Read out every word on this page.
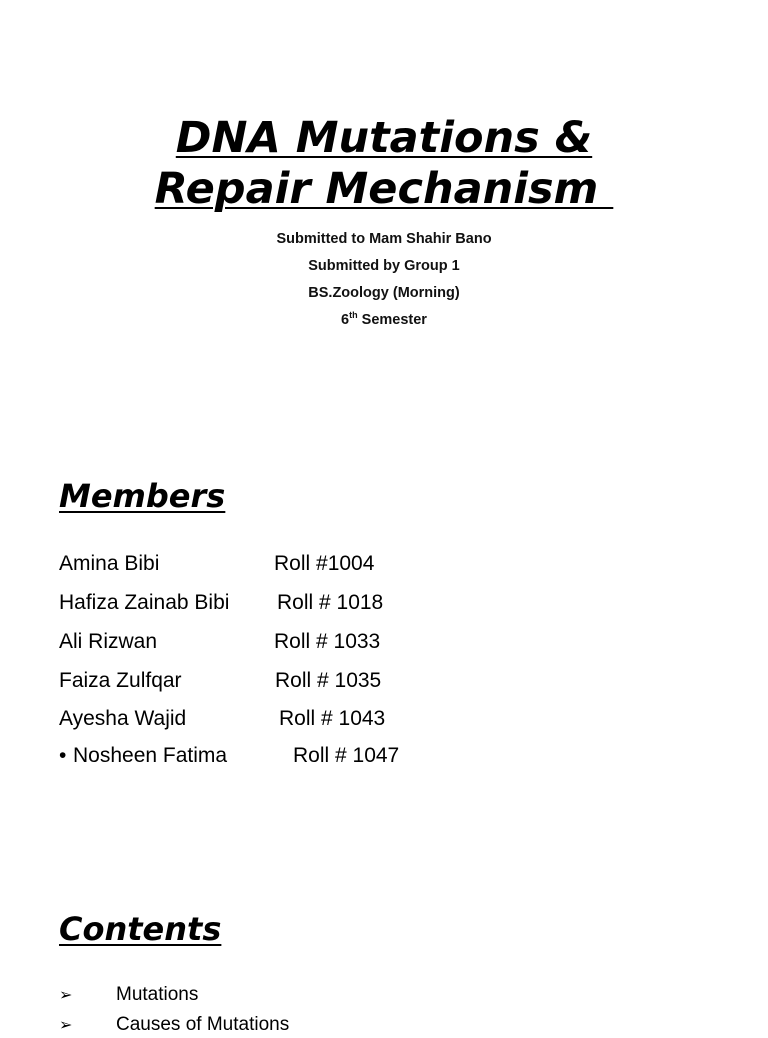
DNA Mutations &
Repair Mechanism
Submitted to Mam Shahir Bano
Submitted by Group 1
BS.Zoology (Morning)
6th Semester
Members
Amina Bibi	Roll #1004
Hafiza Zainab Bibi Roll # 1018
Ali Rizwan	Roll # 1033
Faiza Zulfqar	Roll # 1035
Ayesha Wajid	Roll # 1043
• Nosheen Fatima	Roll # 1047
Contents
➢ Mutations
➢ Causes of Mutations
